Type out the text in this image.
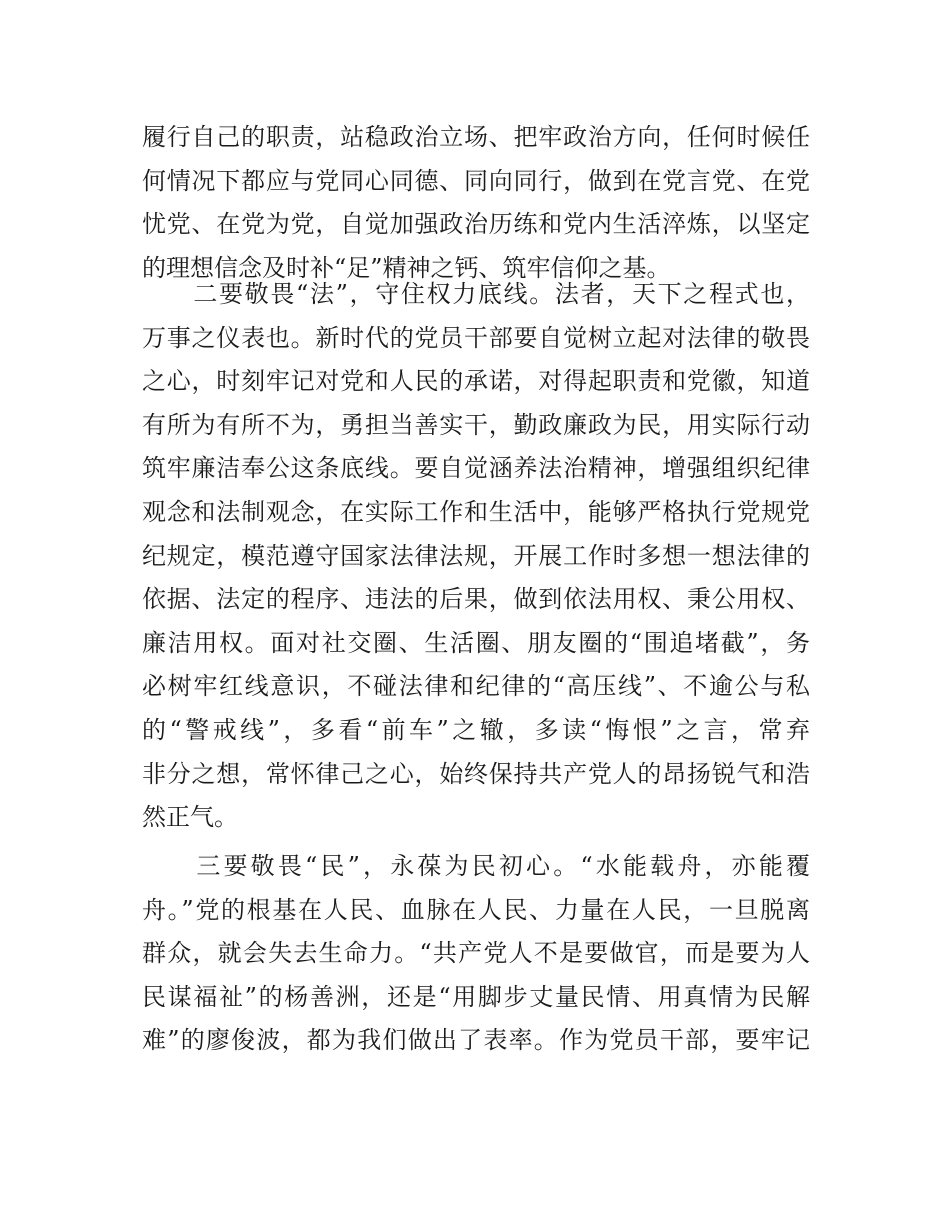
履行自己的职责，站稳政治立场、把牢政治方向，任何时候任
何情况下都应与党同心同德、同向同行，做到在党言党、在党
忧党、在党为党，自觉加强政治历练和党内生活淬炼，以坚定
的理想信念及时补“足”精神之钙、筑牢信仰之基。
　　二要敬畏“法”，守住权力底线。法者，天下之程式也，
万事之仪表也。新时代的党员干部要自觉树立起对法律的敬畏
之心，时刻牢记对党和人民的承诺，对得起职责和党徽，知道
有所为有所不为，勇担当善实干，勤政廉政为民，用实际行动
筑牢廉洁奉公这条底线。要自觉涵养法治精神，增强组织纪律
观念和法制观念，在实际工作和生活中，能够严格执行党规党
纪规定，模范遵守国家法律法规，开展工作时多想一想法律的
依据、法定的程序、违法的后果，做到依法用权、秉公用权、
廉洁用权。面对社交圈、生活圈、朋友圈的“围追堵截”，务
必树牢红线意识，不碰法律和纪律的“高压线”、不逾公与私
的“警戒线”，多看“前车”之辙，多读“悔恨”之言，常弃
非分之想，常怀律己之心，始终保持共产党人的昂扬锐气和浩
然正气。
　　三要敬畏“民”，永葆为民初心。“水能载舟，亦能覆
舟。”党的根基在人民、血脉在人民、力量在人民，一旦脱离
群众，就会失去生命力。“共产党人不是要做官，而是要为人
民谋福祉”的杨善洲，还是“用脚步丈量民情、用真情为民解
难”的廖俊波，都为我们做出了表率。作为党员干部，要牢记
